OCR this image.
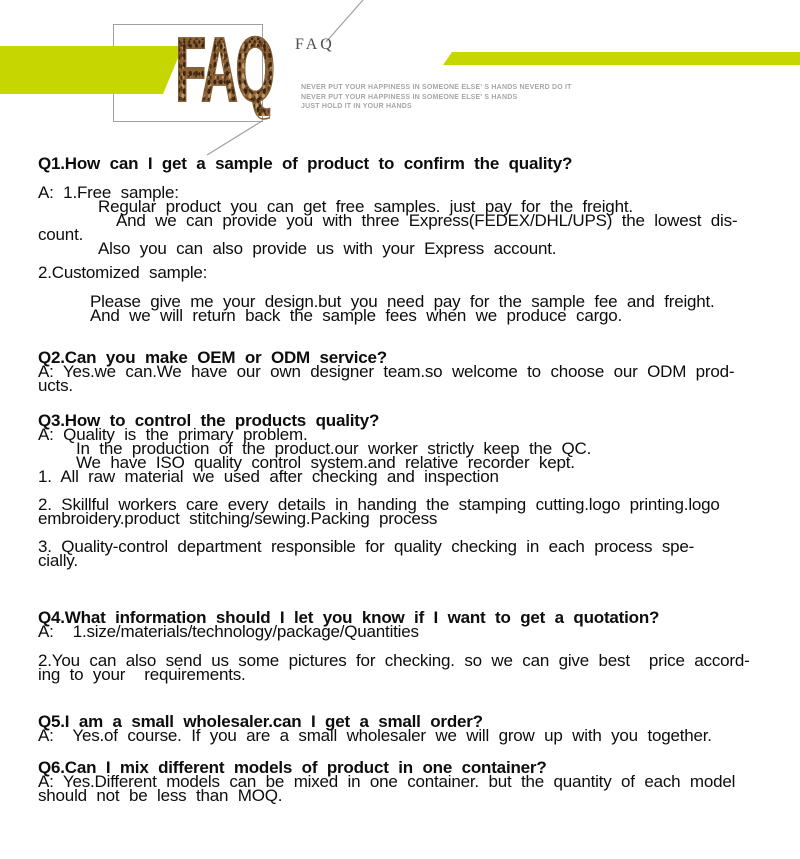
FAQ FAQ
NEVER PUT YOUR HAPPINESS IN SOMEONE ELSE' S HANDS NEVERD DO IT
NEVER PUT YOUR HAPPINESS IN SOMEONE ELSE' S HANDS
JUST HOLD IT IN YOUR HANDS
Q1.How can I get a sample of product to confirm the quality?
A: 1.Free sample:
Regular product you can get free samples. just pay for the freight.
And we can provide you with three Express(FEDEX/DHL/UPS) the lowest dis-
count.
Also you can also provide us with your Express account.
2.Customized sample:
Please give me your design.but you need pay for the sample fee and freight.
And we will return back the sample fees when we produce cargo.
Q2.Can you make OEM or ODM service?
A: Yes.we can.We have our own designer team.so welcome to choose our ODM prod-
ucts.
Q3.How to control the products quality?
A: Quality is the primary problem.
In the production of the product.our worker strictly keep the QC.
We have ISO quality control system.and relative recorder kept.
1. All raw material we used after checking and inspection
2. Skillful workers care every details in handing the stamping cutting.logo printing.logo
embroidery.product stitching/sewing.Packing process
3. Quality-control department responsible for quality checking in each process spe-
cially.
Q4.What information should I let you know if I want to get a quotation?
A:  1.size/materials/technology/package/Quantities
2.You can also send us some pictures for checking. so we can give best  price accord-
ing to your  requirements.
Q5.I am a small wholesaler.can I get a small order?
A:  Yes.of course. If you are a small wholesaler we will grow up with you together.
Q6.Can I mix different models of product in one container?
A: Yes.Different models can be mixed in one container. but the quantity of each model
should not be less than MOQ.
